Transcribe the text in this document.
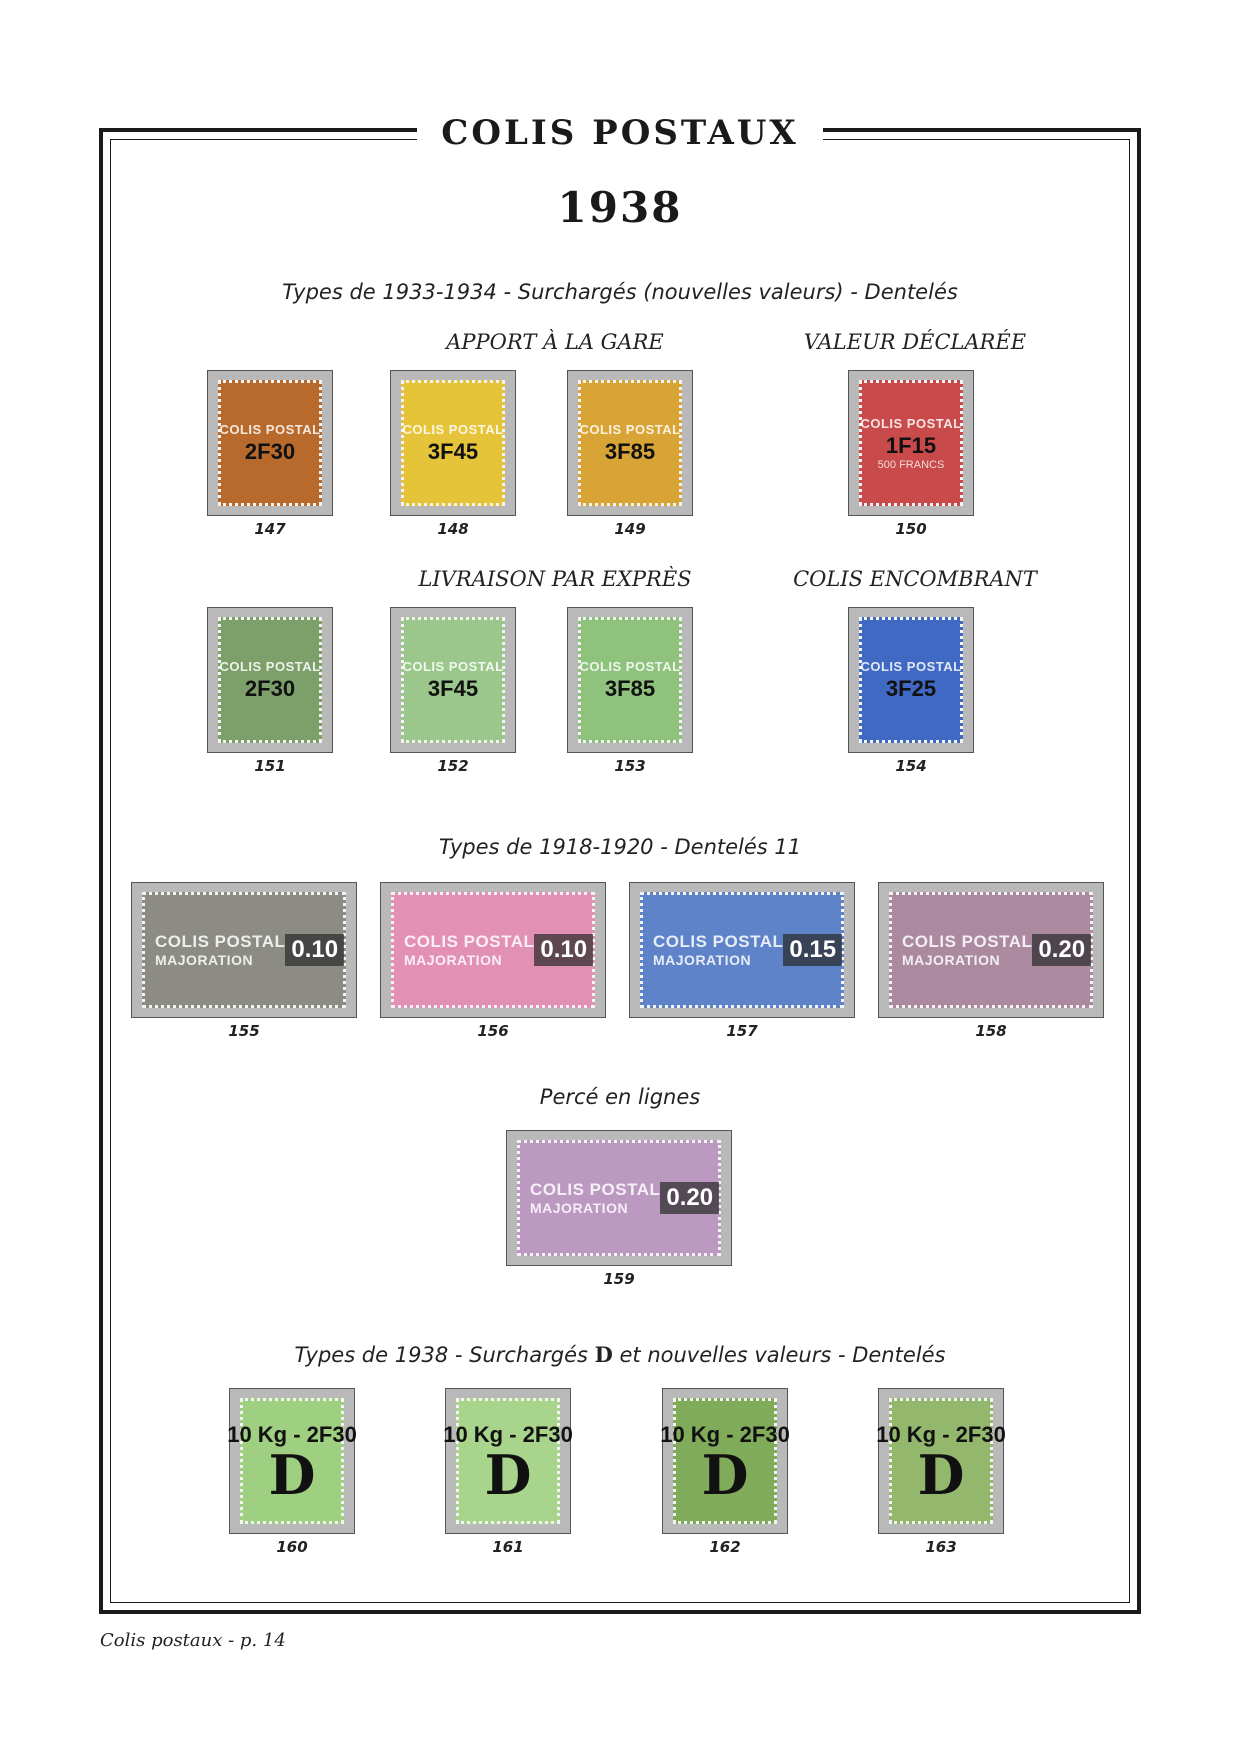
COLIS POSTAUX
1938
Types de 1933-1934 - Surchargés (nouvelles valeurs) - Dentelés
APPORT À LA GARE	VALEUR DÉCLARÉE
LIVRAISON PAR EXPRÈS	COLIS ENCOMBRANT
Types de 1918-1920 - Dentelés 11
Percé en lignes
Types de 1938 - Surchargés D et nouvelles valeurs - Dentelés
COLIS POSTAL
2F30
147
COLIS POSTAL
3F45
148
COLIS POSTAL
3F85
149
COLIS POSTAL
1F15
500 FRANCS
150
COLIS POSTAL
2F30
151
COLIS POSTAL
3F45
152
COLIS POSTAL
3F85
153
COLIS POSTAL
3F25
154
COLIS POSTAL
MAJORATION	0.10
155
COLIS POSTAL
MAJORATION	0.10
156
COLIS POSTAL
MAJORATION	0.15
157
COLIS POSTAL
MAJORATION	0.20
158
COLIS POSTAL
MAJORATION	0.20
159
10 Kg - 2F30
D
160
10 Kg - 2F30
D
161
10 Kg - 2F30
D
162
10 Kg - 2F30
D
163
Colis postaux - p. 14
